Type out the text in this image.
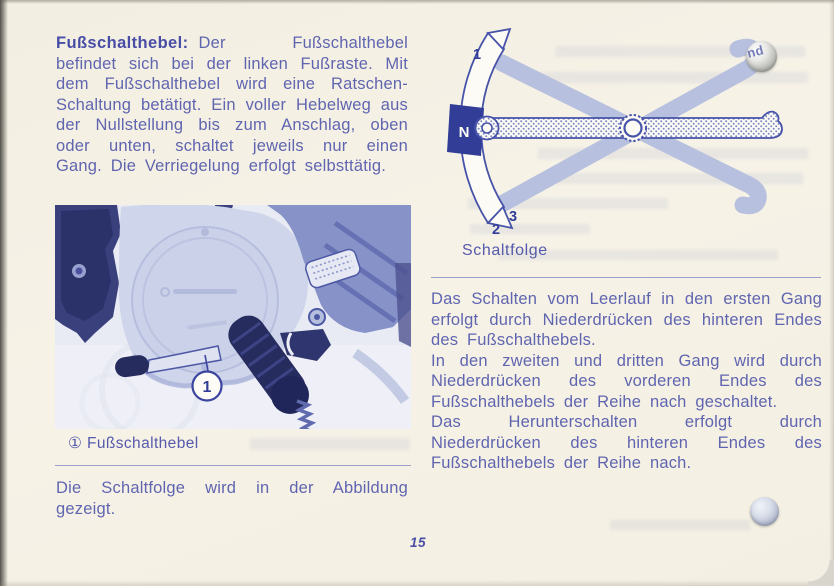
Fußschalthebel: Der Fußschalthebel befindet sich bei der linken Fußraste. Mit dem Fußschalthebel wird eine Ratschen-Schaltung betätigt. Ein voller Hebelweg aus der Nullstellung bis zum Anschlag, oben oder unten, schaltet jeweils nur einen Gang. Die Verriegelung erfolgt selbsttätig.

1
① Fußschalthebel

Die Schaltfolge wird in der Abbildung gezeigt.

N
1
2
3
Schaltfolge

Das Schalten vom Leerlauf in den ersten Gang erfolgt durch Niederdrücken des hinteren Endes des Fußschalthebels.

In den zweiten und dritten Gang wird durch Niederdrücken des vorderen Endes des Fußschalthebels der Reihe nach geschaltet.

Das Herunterschalten erfolgt durch Niederdrücken des hinteren Endes des Fußschalthebels der Reihe nach.

nd
15
